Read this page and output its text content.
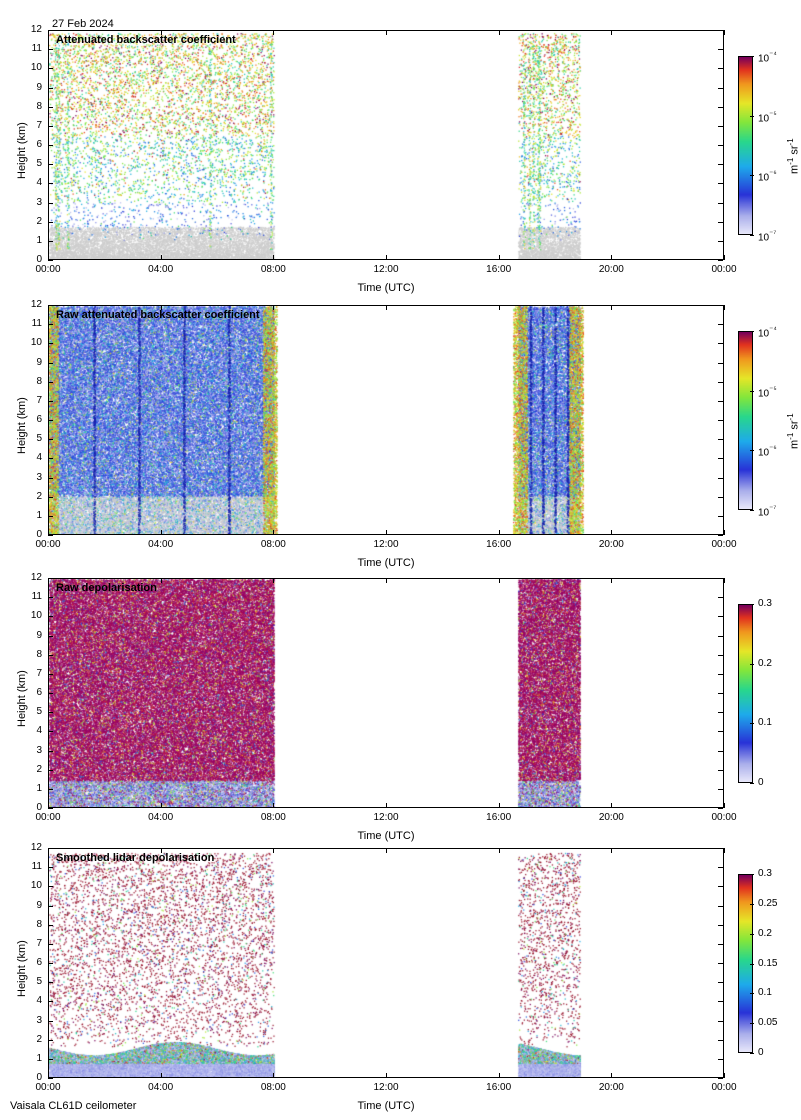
27 Feb 2024
Vaisala CL61D ceilometer
Attenuated backscatter coefficient
0
1
2
3
4
5
6
7
8
9
10
11
12
00:00	04:00	08:00	12:00	16:00	20:00	00:00
Height (km)
Time (UTC)
$10^{^{-4}}$
$10^{^{-5}}$
$10^{^{-6}}$
$10^{^{-7}}$
$m^{-1}$ $sr^{-1}$
Raw attenuated backscatter coefficient
0
1
2
3
4
5
6
7
8
9
10
11
12
00:00	04:00	08:00	12:00	16:00	20:00	00:00
Height (km)
Time (UTC)
$10^{^{-4}}$
$10^{^{-5}}$
$10^{^{-6}}$
$10^{^{-7}}$
$m^{-1}$ $sr^{-1}$
Raw depolarisation
0
1
2
3
4
5
6
7
8
9
10
11
12
00:00	04:00	08:00	12:00	16:00	20:00	00:00
Height (km)
Time (UTC)
0.3
0.2
0.1
0
Smoothed lidar depolarisation
0
1
2
3
4
5
6
7
8
9
10
11
12
00:00	04:00	08:00	12:00	16:00	20:00	00:00
Height (km)
Time (UTC)
0.3
0.25
0.2
0.15
0.1
0.05
0
